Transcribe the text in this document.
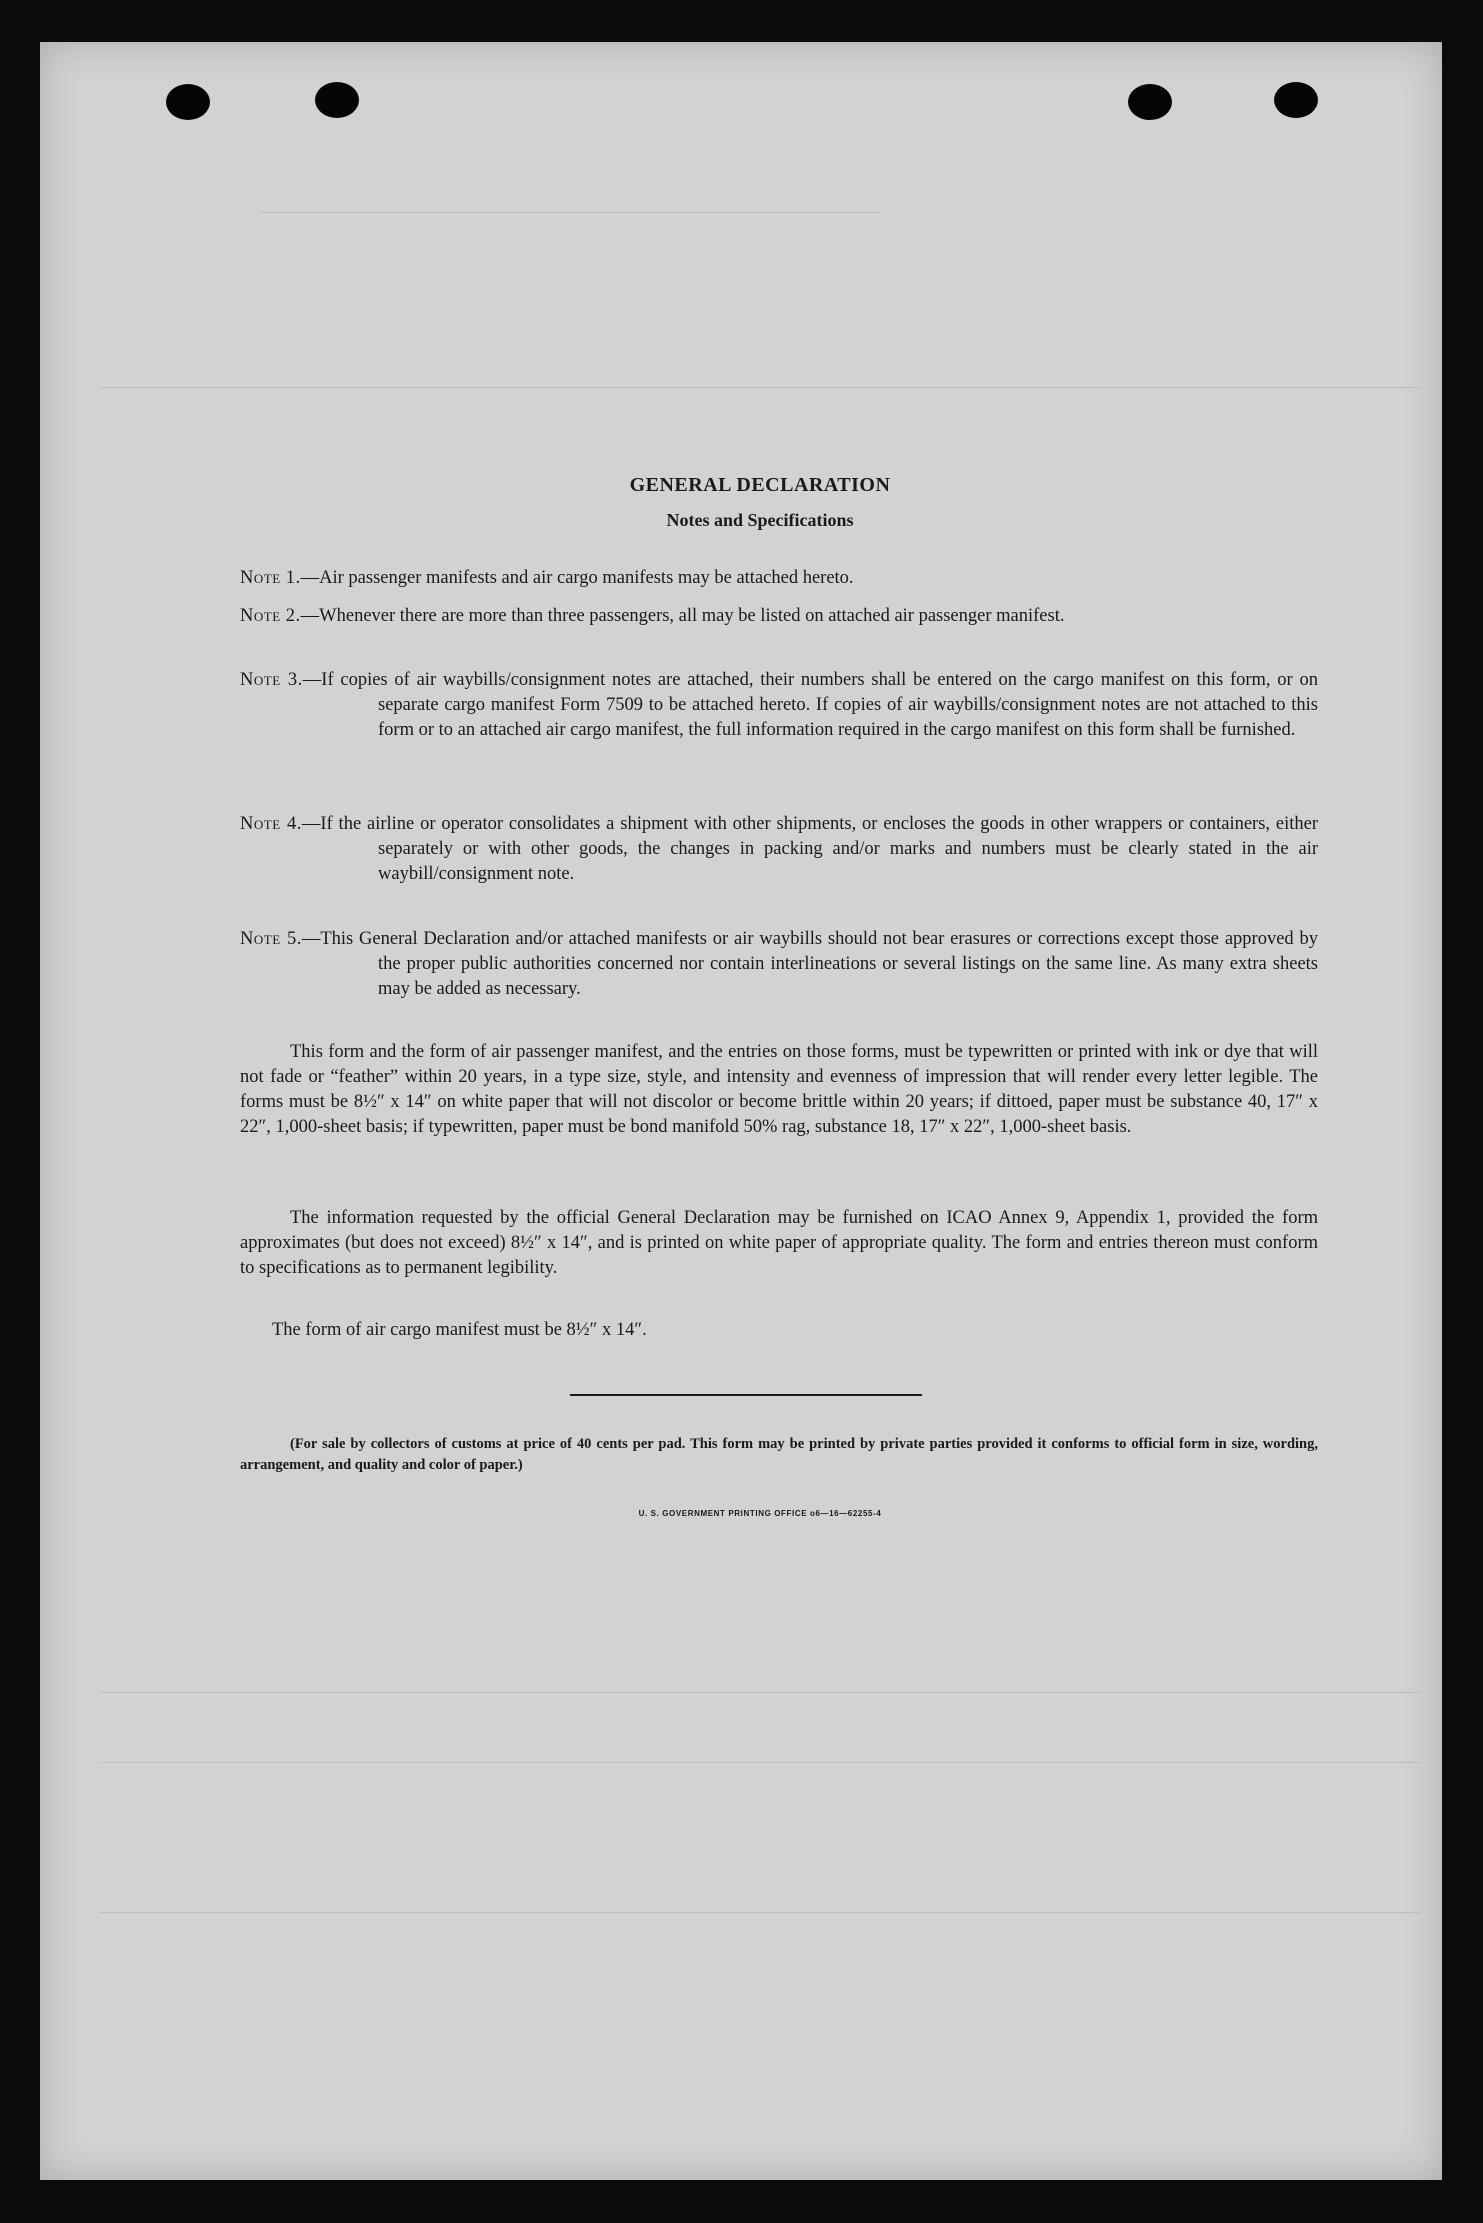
GENERAL DECLARATION
Notes and Specifications
Note 1.—Air passenger manifests and air cargo manifests may be attached hereto.
Note 2.—Whenever there are more than three passengers, all may be listed on attached air passenger manifest.
Note 3.—If copies of air waybills/consignment notes are attached, their numbers shall be entered on the cargo manifest on this form, or on separate cargo manifest Form 7509 to be attached hereto. If copies of air waybills/consignment notes are not attached to this form or to an attached air cargo manifest, the full information required in the cargo manifest on this form shall be furnished.
Note 4.—If the airline or operator consolidates a shipment with other shipments, or encloses the goods in other wrappers or containers, either separately or with other goods, the changes in packing and/or marks and numbers must be clearly stated in the air waybill/consignment note.
Note 5.—This General Declaration and/or attached manifests or air waybills should not bear erasures or corrections except those approved by the proper public authorities concerned nor contain interlineations or several listings on the same line. As many extra sheets may be added as necessary.
This form and the form of air passenger manifest, and the entries on those forms, must be typewritten or printed with ink or dye that will not fade or “feather” within 20 years, in a type size, style, and intensity and evenness of impression that will render every letter legible. The forms must be 8½″ x 14″ on white paper that will not discolor or become brittle within 20 years; if dittoed, paper must be substance 40, 17″ x 22″, 1,000-sheet basis; if typewritten, paper must be bond manifold 50% rag, substance 18, 17″ x 22″, 1,000-sheet basis.
The information requested by the official General Declaration may be furnished on ICAO Annex 9, Appendix 1, provided the form approximates (but does not exceed) 8½″ x 14″, and is printed on white paper of appropriate quality. The form and entries thereon must conform to specifications as to permanent legibility.
The form of air cargo manifest must be 8½″ x 14″.
(For sale by collectors of customs at price of 40 cents per pad. This form may be printed by private parties provided it conforms to official form in size, wording, arrangement, and quality and color of paper.)
U. S. GOVERNMENT PRINTING OFFICE o6—16—62255-4
